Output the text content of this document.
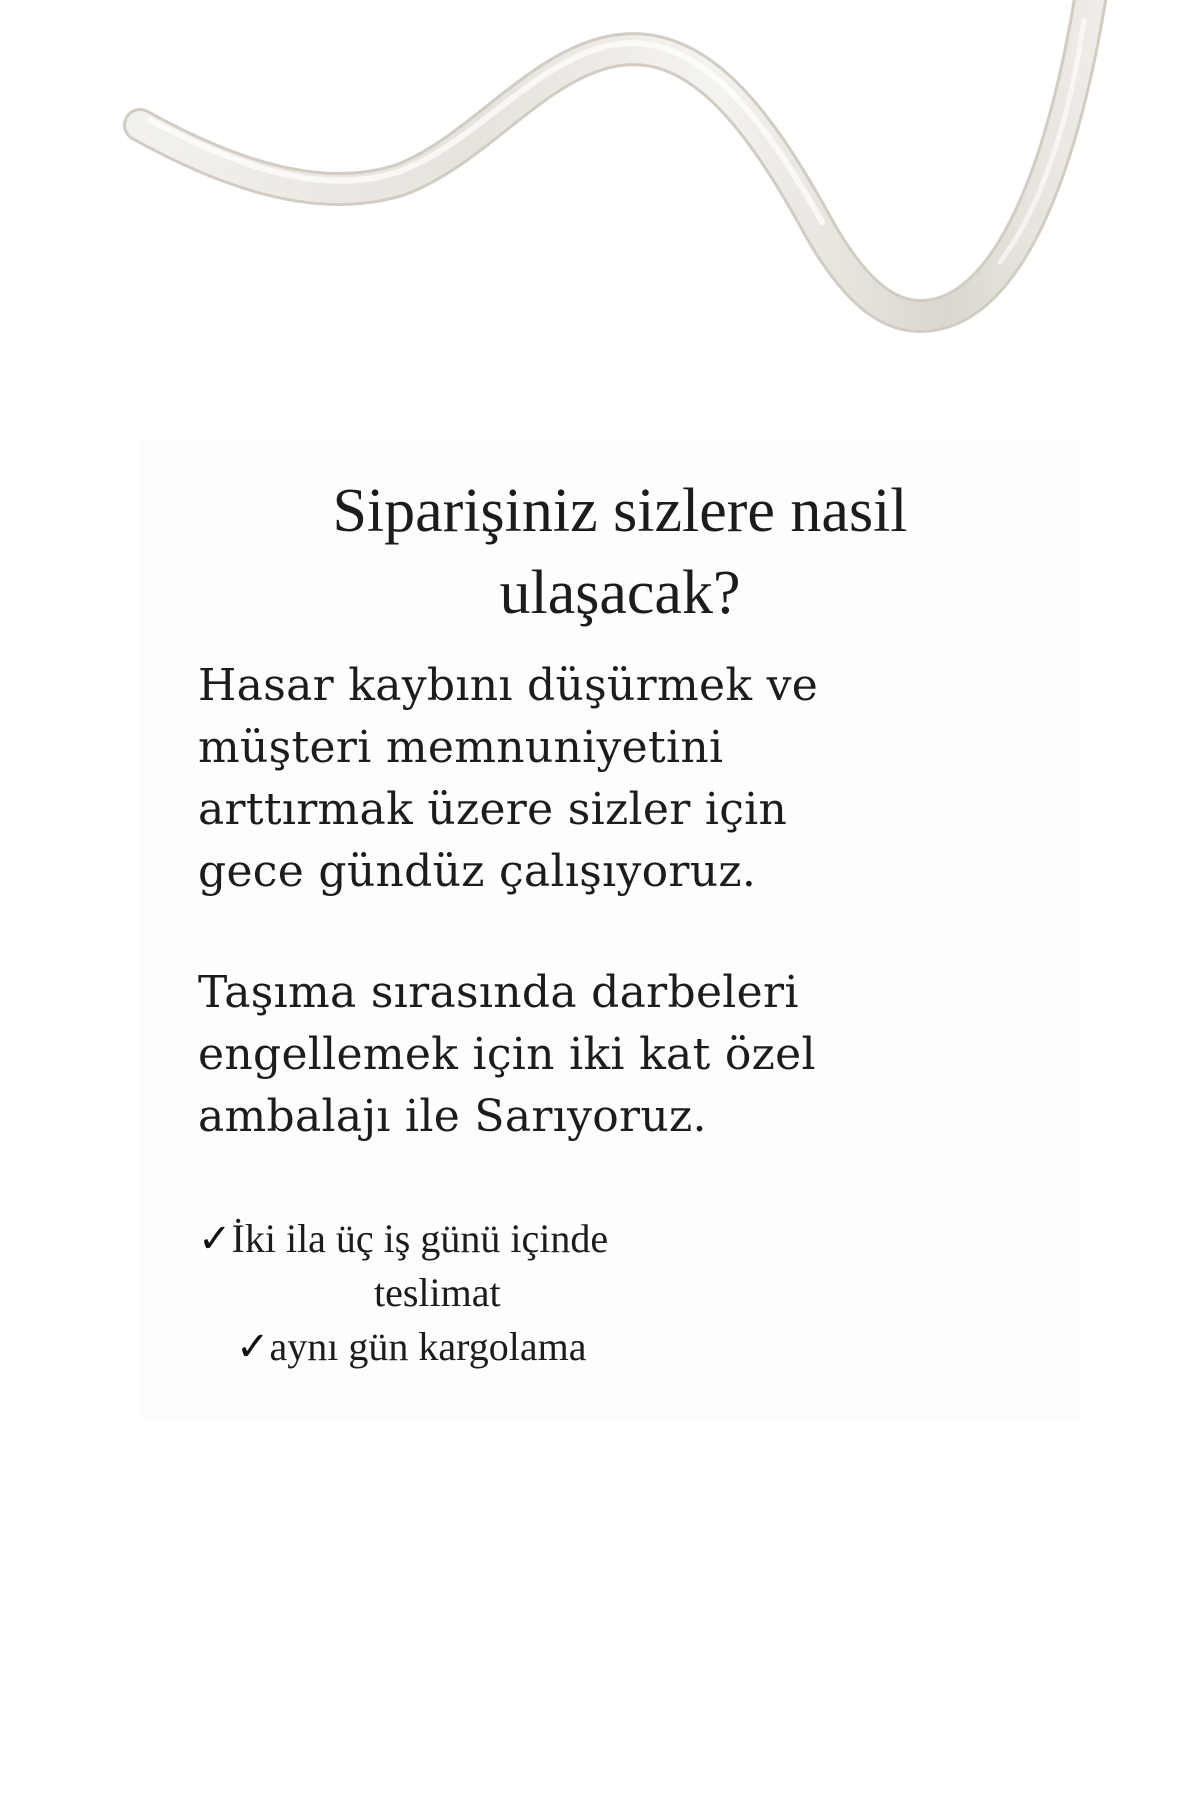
Siparişiniz sizlere nasil
ulaşacak?

Hasar kaybını düşürmek ve
müşteri memnuniyetini
arttırmak üzere sizler için
gece gündüz çalışıyoruz.

Taşıma sırasında darbeleri
engellemek için iki kat özel
ambalajı ile Sarıyoruz.

✓İki ila üç iş günü içinde
teslimat
✓aynı gün kargolama
